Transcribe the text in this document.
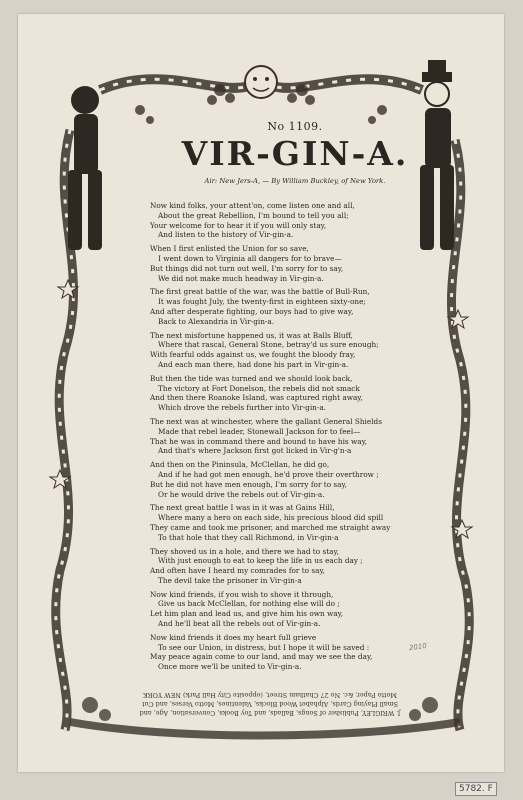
No 1109.

VIR-GIN-A.

Air: New Jers-A, — By William Buckley, of New York.

Now kind folks, your attent'on, come listen one and all,
About the great Rebellion, I'm bound to tell you all;
Your welcome for to hear it if you will only stay,
And listen to the history of Vir-gin-a.
When I first enlisted the Union for so save,
I went down to Virginia all dangers for to brave—
But things did not turn out well, I'm sorry for to say,
We did not make much headway in Vir-gin-a.
The first great battle of the war, was the battle of Bull-Run,
It was fought July, the twenty-first in eighteen sixty-one;
And after desperate fighting, our boys had to give way,
Back to Alexandria in Vir-gin-a.
The next misfortune happened us, it was at Balls Bluff,
Where that rascal, General Stone, betray'd us sure enough;
With fearful odds against us, we fought the bloody fray,
And each man there, had done his part in Vir-gin-a.
But then the tide was turned and we should look back,
The victory at Fort Donelson, the rebels did not smack
And then there Roanoke Island, was captured right away,
Which drove the rebels further into Vir-gin-a.
The next was at winchester, where the gallant General Shields
Made that rebel leader, Stonewall Jackson for to feel—
That he was in command there and bound to have his way,
And that's where Jackson first got licked in Vir-g'n-a
And then on the Pininsula, McClellan, he did go,
And if he had got men enough, he'd prove their overthrow ;
But he did not have men enough, I'm sorry for to say,
Or he would drive the rebels out of Vir-gin-a.
The next great battle I was in it was at Gains Hill,
Where many a hero on each side, his precious blood did spill
They came and took me prisoner, and marched me straight away
To that hole that they call Richmond, in Vir-gin-a
They shoved us in a hole, and there we had to stay,
With just enough to eat to keep the life in us each day ;
And often have I heard my comrades for to say,
The devil take the prisoner in Vir-gin-a
Now kind friends, if you wish to shove it through,
Give us back McClellan, for nothing else will do ;
Let him plan and lead us, and give him his own way,
And he'll beat all the rebels out of Vir-gin-a.
Now kind friends it does my heart full grieve
To see our Union, in distress, but I hope it will be saved :
May peace again come to our land, and may we see the day,
Once more we'll be united to Vir-gin-a.
J. WRIGLEY, Publisher of Songs, Ballads, and Toy Books, Conversation, Age, and
Small Playing Cards, Alphabet Wood Blocks, Valentines, Motto Verses, and Cut
Motto Paper, &c. No 27 Chatham Street, (opposite City Hall Park) NEW YORK
2010
5782. F
